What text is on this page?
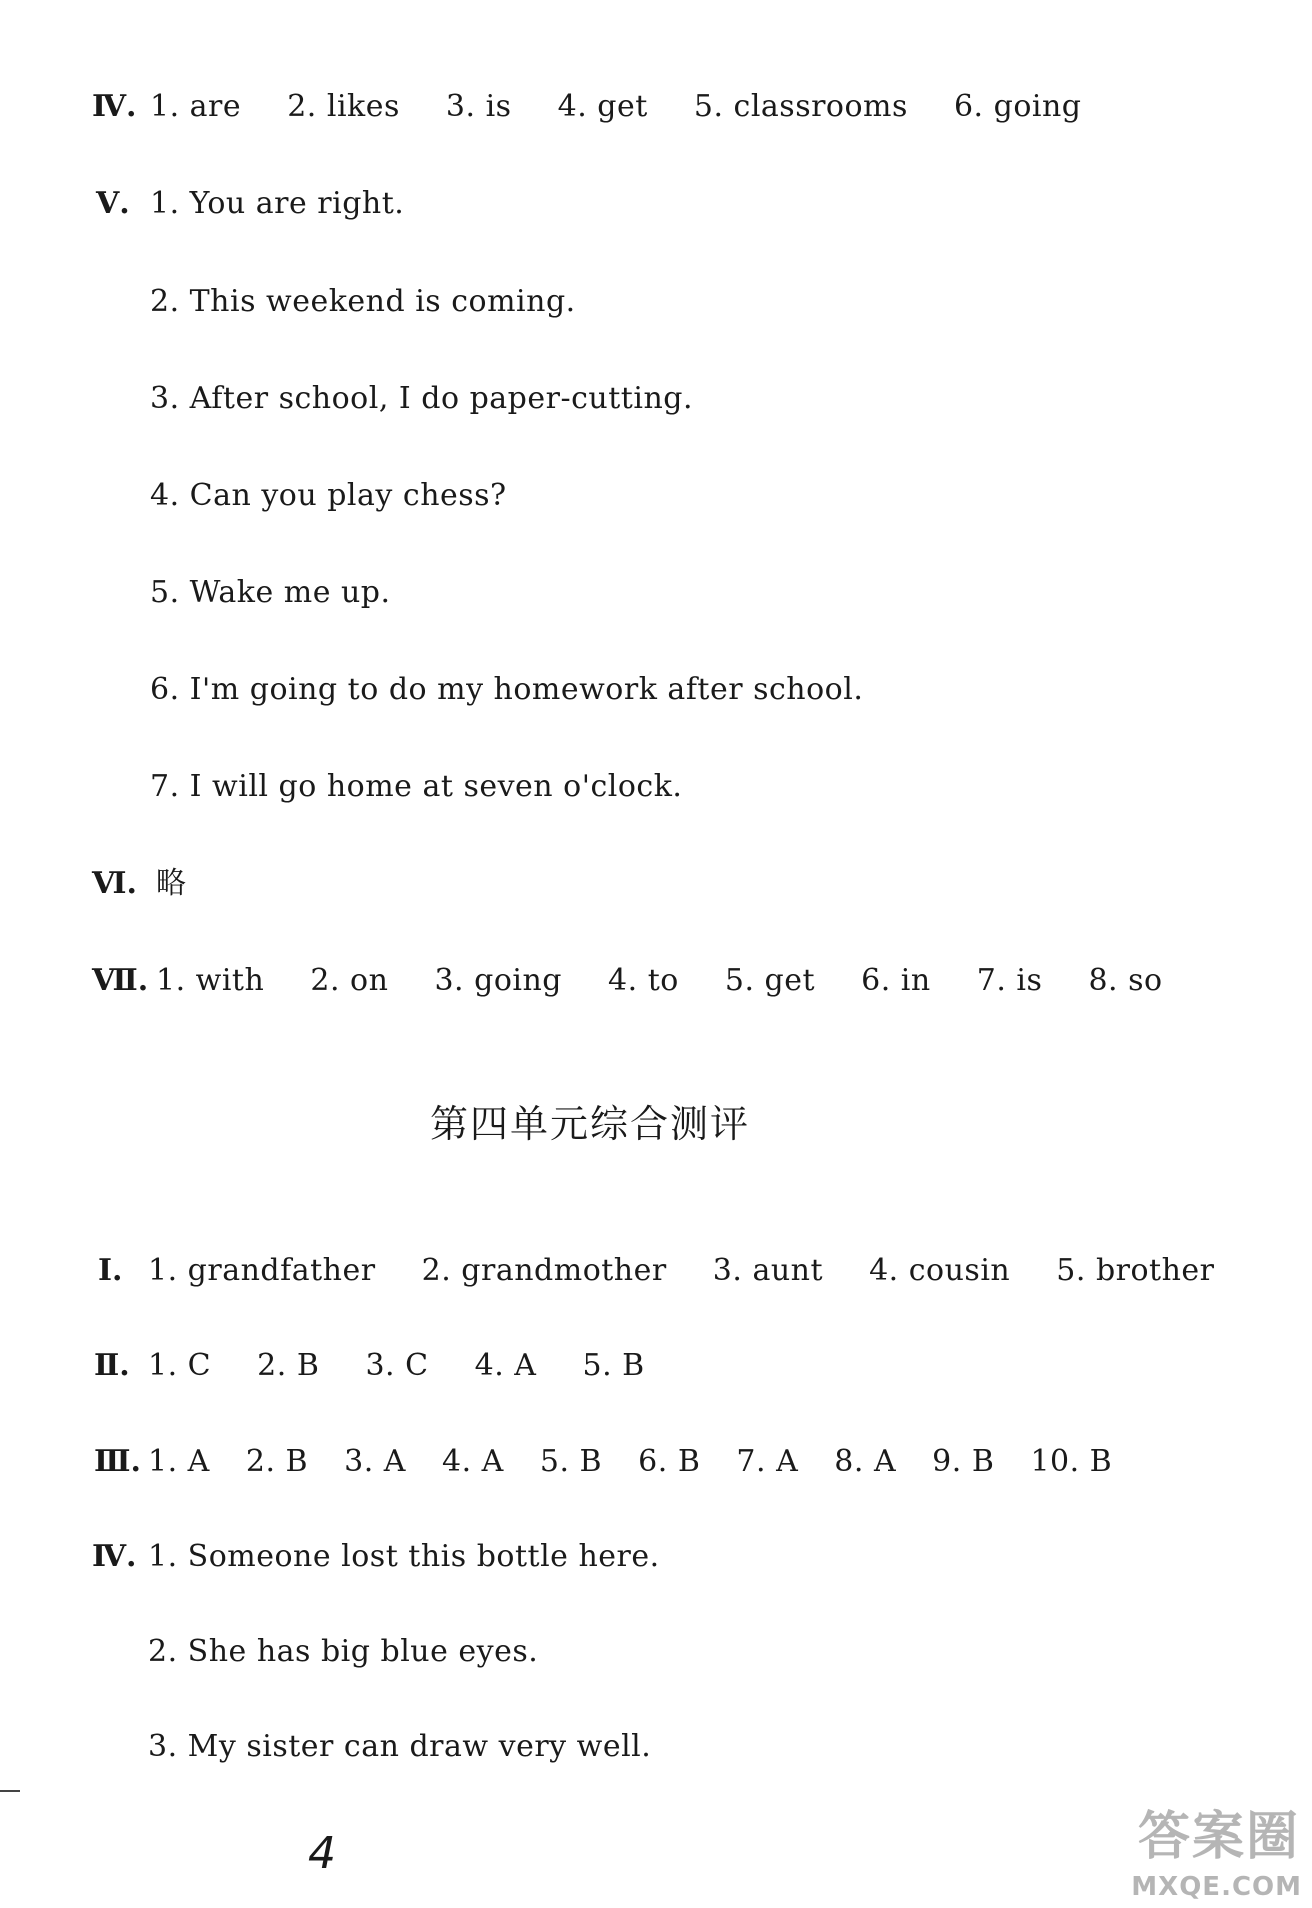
Ⅳ. 1. are 2. likes 3. is 4. get 5. classrooms 6. going
Ⅴ. 1. You are right.
2. This weekend is coming.
3. After school, I do paper-cutting.
4. Can you play chess?
5. Wake me up.
6. I'm going to do my homework after school.
7. I will go home at seven o'clock.
Ⅵ. 略
Ⅶ. 1. with 2. on 3. going 4. to 5. get 6. in 7. is 8. so
第四单元综合测评
Ⅰ. 1. grandfather 2. grandmother 3. aunt 4. cousin 5. brother
Ⅱ. 1. C 2. B 3. C 4. A 5. B
Ⅲ. 1. A 2. B 3. A 4. A 5. B 6. B 7. A 8. A 9. B 10. B
Ⅳ. 1. Someone lost this bottle here.
2. She has big blue eyes.
3. My sister can draw very well.
4	答案圈
MXQE.COM
